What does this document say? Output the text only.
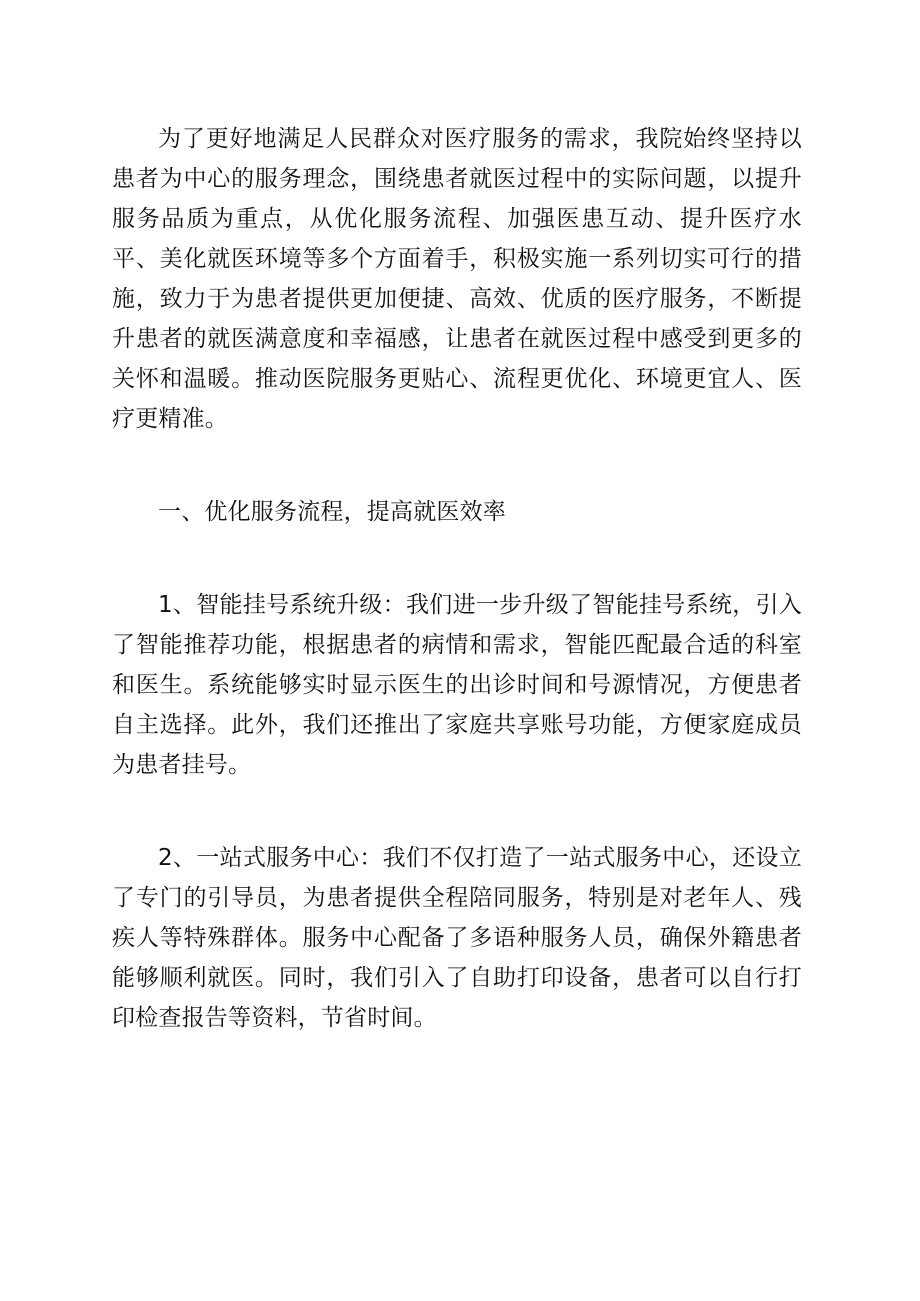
为了更好地满足人民群众对医疗服务的需求，我院始终坚持以患者为中心的服务理念，围绕患者就医过程中的实际问题，以提升服务品质为重点，从优化服务流程、加强医患互动、提升医疗水平、美化就医环境等多个方面着手，积极实施一系列切实可行的措施，致力于为患者提供更加便捷、高效、优质的医疗服务，不断提升患者的就医满意度和幸福感，让患者在就医过程中感受到更多的关怀和温暖。推动医院服务更贴心、流程更优化、环境更宜人、医疗更精准。

一、优化服务流程，提高就医效率

1、智能挂号系统升级：我们进一步升级了智能挂号系统，引入了智能推荐功能，根据患者的病情和需求，智能匹配最合适的科室和医生。系统能够实时显示医生的出诊时间和号源情况，方便患者自主选择。此外，我们还推出了家庭共享账号功能，方便家庭成员为患者挂号。

2、一站式服务中心：我们不仅打造了一站式服务中心，还设立了专门的引导员，为患者提供全程陪同服务，特别是对老年人、残疾人等特殊群体。服务中心配备了多语种服务人员，确保外籍患者能够顺利就医。同时，我们引入了自助打印设备，患者可以自行打印检查报告等资料，节省时间。
